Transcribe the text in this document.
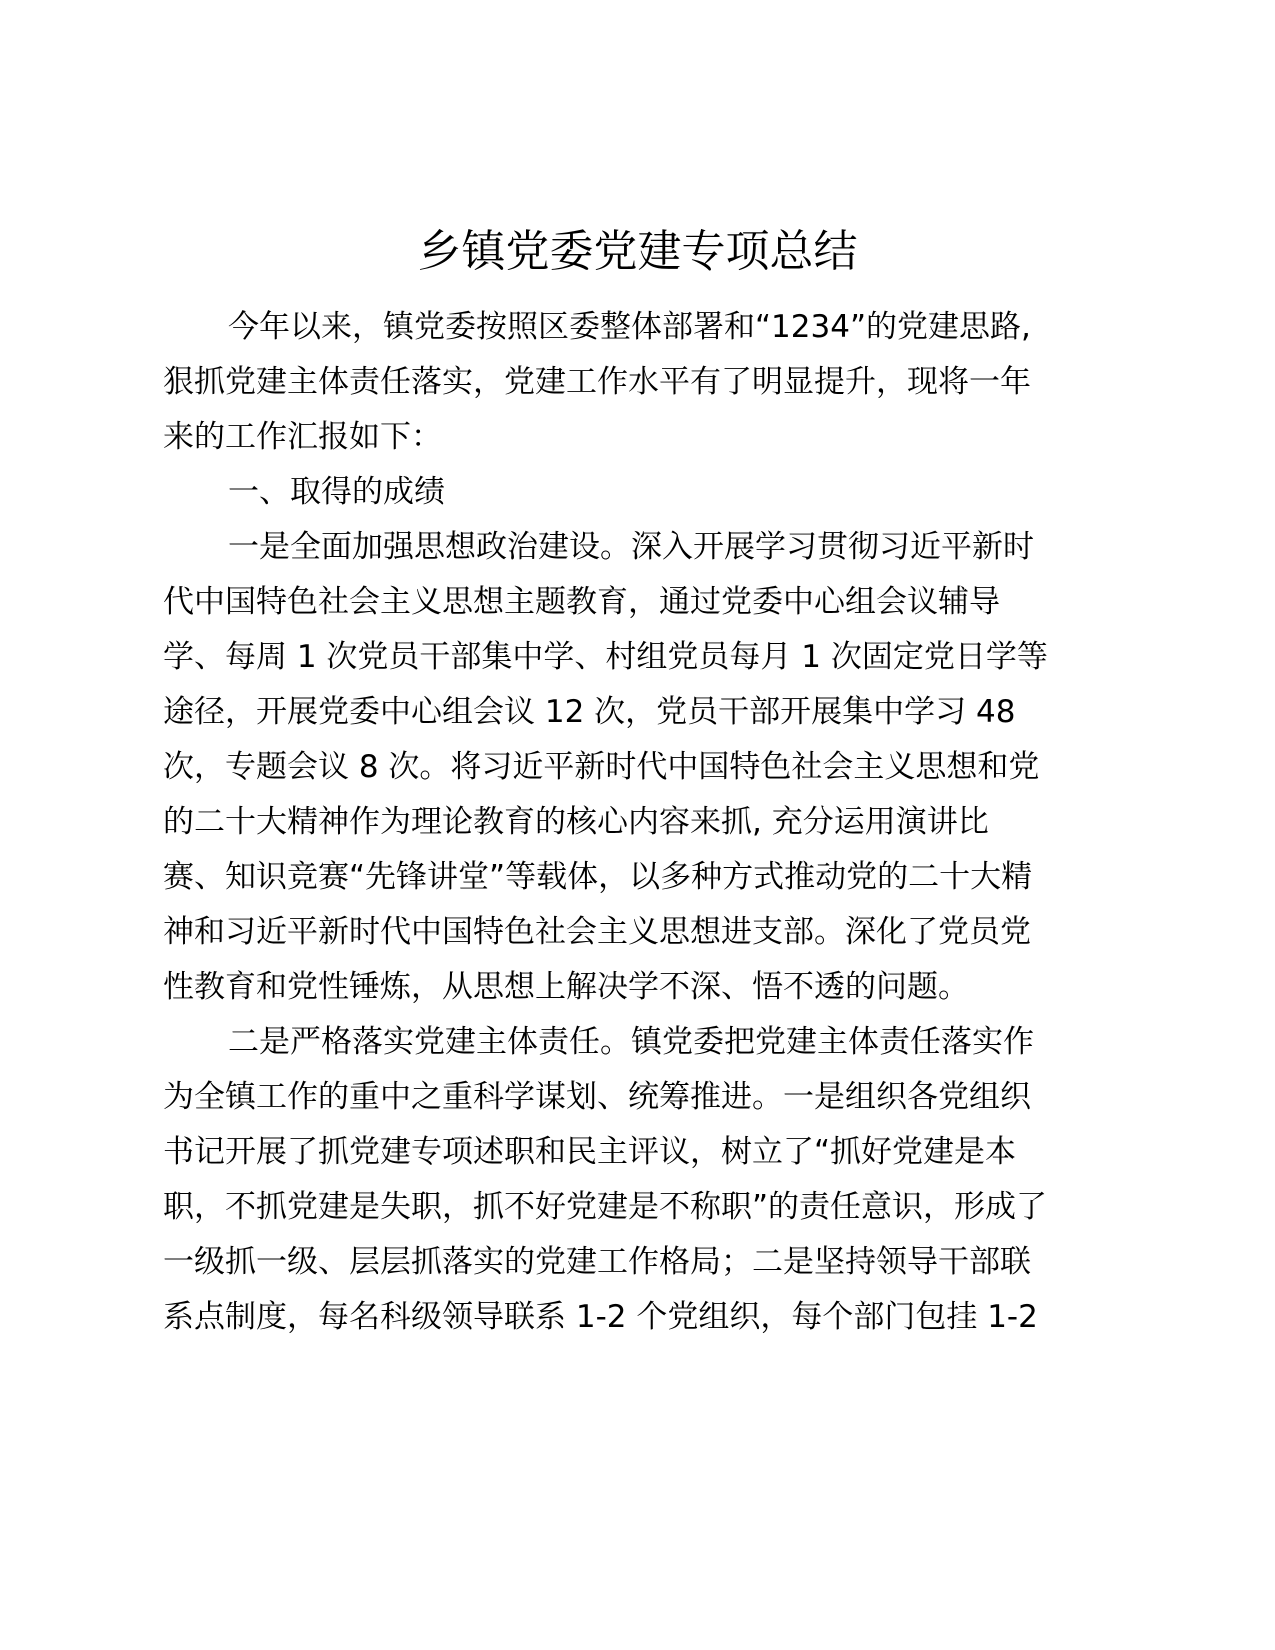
乡镇党委党建专项总结

今年以来，镇党委按照区委整体部署和“1234”的党建思路,

狠抓党建主体责任落实，党建工作水平有了明显提升，现将一年

来的工作汇报如下：

一、取得的成绩

一是全面加强思想政治建设。深入开展学习贯彻习近平新时

代中国特色社会主义思想主题教育，通过党委中心组会议辅导

学、每周 1 次党员干部集中学、村组党员每月 1 次固定党日学等

途径，开展党委中心组会议 12 次，党员干部开展集中学习 48

次，专题会议 8 次。将习近平新时代中国特色社会主义思想和党

的二十大精神作为理论教育的核心内容来抓, 充分运用演讲比

赛、知识竞赛“先锋讲堂”等载体，以多种方式推动党的二十大精

神和习近平新时代中国特色社会主义思想进支部。深化了党员党

性教育和党性锤炼，从思想上解决学不深、悟不透的问题。

二是严格落实党建主体责任。镇党委把党建主体责任落实作

为全镇工作的重中之重科学谋划、统筹推进。一是组织各党组织

书记开展了抓党建专项述职和民主评议，树立了“抓好党建是本

职，不抓党建是失职，抓不好党建是不称职”的责任意识，形成了

一级抓一级、层层抓落实的党建工作格局；二是坚持领导干部联

系点制度，每名科级领导联系 1-2 个党组织，每个部门包挂 1-2
